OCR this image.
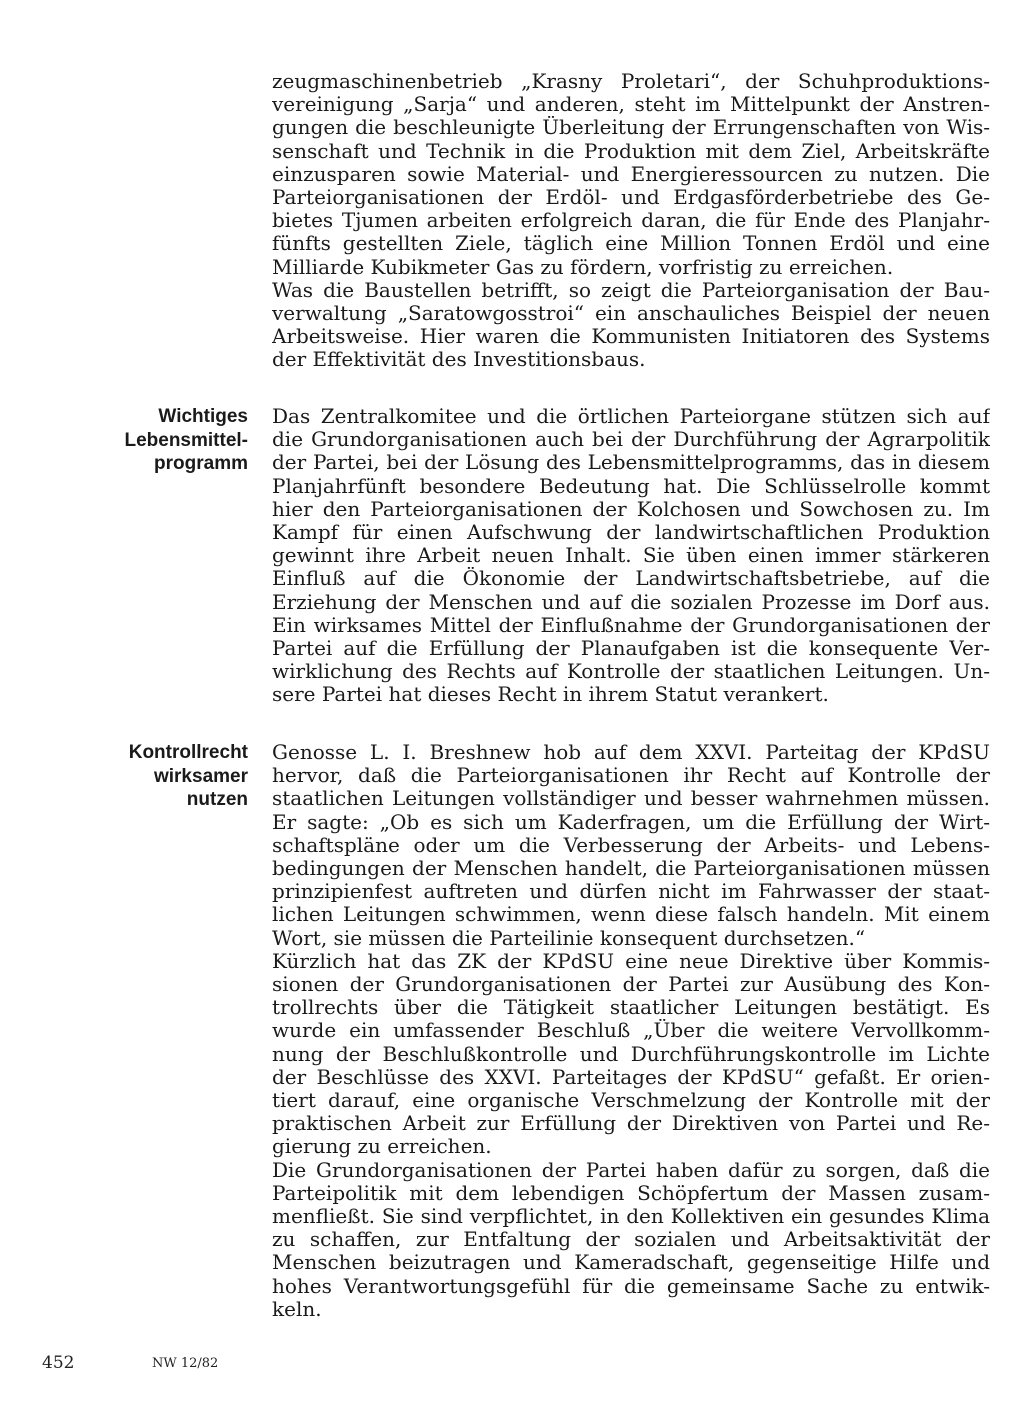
zeugmaschinenbetrieb „Krasny Proletari“, der Schuhproduktions-
vereinigung „Sarja“ und anderen, steht im Mittelpunkt der Anstren-
gungen die beschleunigte Überleitung der Errungenschaften von Wis-
senschaft und Technik in die Produktion mit dem Ziel, Arbeitskräfte
einzusparen sowie Material- und Energieressourcen zu nutzen. Die
Parteiorganisationen der Erdöl- und Erdgasförderbetriebe des Ge-
bietes Tjumen arbeiten erfolgreich daran, die für Ende des Planjahr-
fünfts gestellten Ziele, täglich eine Million Tonnen Erdöl und eine
Milliarde Kubikmeter Gas zu fördern, vorfristig zu erreichen.
Was die Baustellen betrifft, so zeigt die Parteiorganisation der Bau-
verwaltung „Saratowgosstroi“ ein anschauliches Beispiel der neuen
Arbeitsweise. Hier waren die Kommunisten Initiatoren des Systems
der Effektivität des Investitionsbaus.
Wichtiges
Lebensmittel-
programm
Das Zentralkomitee und die örtlichen Parteiorgane stützen sich auf
die Grundorganisationen auch bei der Durchführung der Agrarpolitik
der Partei, bei der Lösung des Lebensmittelprogramms, das in diesem
Planjahrfünft besondere Bedeutung hat. Die Schlüsselrolle kommt
hier den Parteiorganisationen der Kolchosen und Sowchosen zu. Im
Kampf für einen Aufschwung der landwirtschaftlichen Produktion
gewinnt ihre Arbeit neuen Inhalt. Sie üben einen immer stärkeren
Einfluß auf die Ökonomie der Landwirtschaftsbetriebe, auf die
Erziehung der Menschen und auf die sozialen Prozesse im Dorf aus.
Ein wirksames Mittel der Einflußnahme der Grundorganisationen der
Partei auf die Erfüllung der Planaufgaben ist die konsequente Ver-
wirklichung des Rechts auf Kontrolle der staatlichen Leitungen. Un-
sere Partei hat dieses Recht in ihrem Statut verankert.
Kontrollrecht
wirksamer
nutzen
Genosse L. I. Breshnew hob auf dem XXVI. Parteitag der KPdSU
hervor, daß die Parteiorganisationen ihr Recht auf Kontrolle der
staatlichen Leitungen vollständiger und besser wahrnehmen müssen.
Er sagte: „Ob es sich um Kaderfragen, um die Erfüllung der Wirt-
schaftspläne oder um die Verbesserung der Arbeits- und Lebens-
bedingungen der Menschen handelt, die Parteiorganisationen müssen
prinzipienfest auftreten und dürfen nicht im Fahrwasser der staat-
lichen Leitungen schwimmen, wenn diese falsch handeln. Mit einem
Wort, sie müssen die Parteilinie konsequent durchsetzen.“
Kürzlich hat das ZK der KPdSU eine neue Direktive über Kommis-
sionen der Grundorganisationen der Partei zur Ausübung des Kon-
trollrechts über die Tätigkeit staatlicher Leitungen bestätigt. Es
wurde ein umfassender Beschluß „Über die weitere Vervollkomm-
nung der Beschlußkontrolle und Durchführungskontrolle im Lichte
der Beschlüsse des XXVI. Parteitages der KPdSU“ gefaßt. Er orien-
tiert darauf, eine organische Verschmelzung der Kontrolle mit der
praktischen Arbeit zur Erfüllung der Direktiven von Partei und Re-
gierung zu erreichen.
Die Grundorganisationen der Partei haben dafür zu sorgen, daß die
Parteipolitik mit dem lebendigen Schöpfertum der Massen zusam-
menfließt. Sie sind verpflichtet, in den Kollektiven ein gesundes Klima
zu schaffen, zur Entfaltung der sozialen und Arbeitsaktivität der
Menschen beizutragen und Kameradschaft, gegenseitige Hilfe und
hohes Verantwortungsgefühl für die gemeinsame Sache zu entwik-
keln.
452	NW 12/82
